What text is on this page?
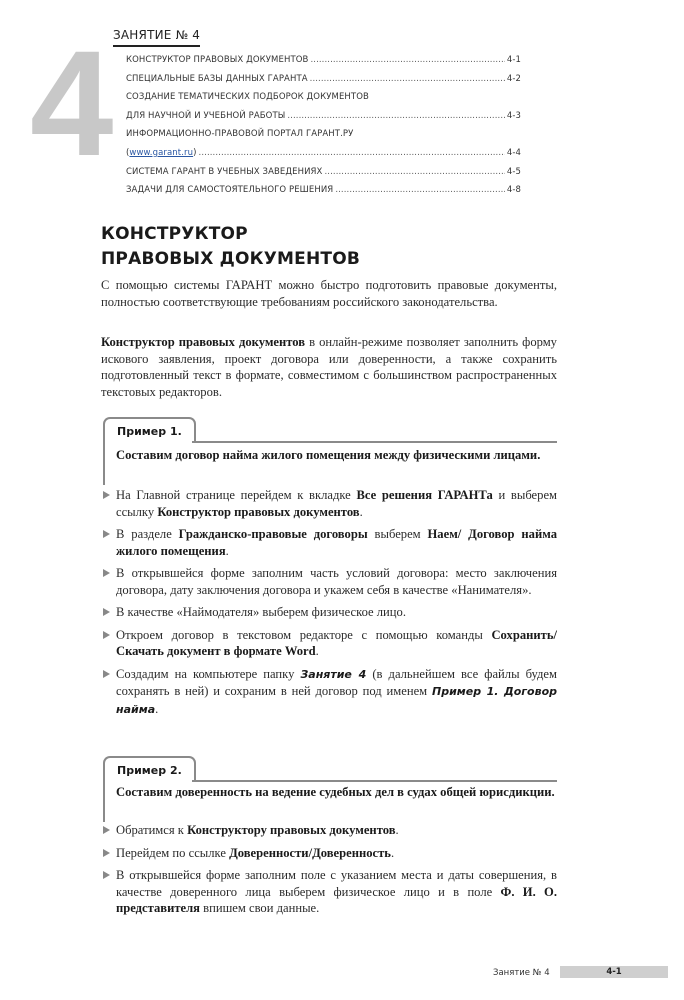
4 ЗАНЯТИЕ № 4
КОНСТРУКТОР ПРАВОВЫХ ДОКУМЕНТОВ .....	4-1
СПЕЦИАЛЬНЫЕ БАЗЫ ДАННЫХ ГАРАНТА .....	4-2
СОЗДАНИЕ ТЕМАТИЧЕСКИХ ПОДБОРОК ДОКУМЕНТОВ
ДЛЯ НАУЧНОЙ И УЧЕБНОЙ РАБОТЫ .....	4-3
ИНФОРМАЦИОННО-ПРАВОВОЙ ПОРТАЛ ГАРАНТ.РУ
(www.garant.ru) .....	4-4
СИСТЕМА ГАРАНТ В УЧЕБНЫХ ЗАВЕДЕНИЯХ .....	4-5
ЗАДАЧИ ДЛЯ САМОСТОЯТЕЛЬНОГО РЕШЕНИЯ .....	4-8
КОНСТРУКТОР
ПРАВОВЫХ ДОКУМЕНТОВ

С помощью системы ГАРАНТ можно быстро подготовить правовые документы, полностью соответствующие требованиям российского законодательства.

Конструктор правовых документов в онлайн-режиме позволяет заполнить форму искового заявления, проект договора или доверенности, а также сохранить подготовленный текст в формате, совместимом с большинством распространенных текстовых редакторов.

Пример 1.
Составим договор найма жилого помещения между физическими лицами.
На Главной странице перейдем к вкладке Все решения ГАРАНТа и выберем ссылку Конструктор правовых документов.
В разделе Гражданско-правовые договоры выберем Наем/ Договор найма жилого помещения.
В открывшейся форме заполним часть условий договора: место заключения договора, дату заключения договора и укажем себя в качестве «Нанимателя».
В качестве «Наймодателя» выберем физическое лицо.
Откроем договор в текстовом редакторе с помощью команды Сохранить/ Скачать документ в формате Word.
Создадим на компьютере папку Занятие 4 (в дальнейшем все файлы будем сохранять в ней) и сохраним в ней договор под именем Пример 1. Договор найма.
Пример 2.
Составим доверенность на ведение судебных дел в судах общей юрисдикции.
Обратимся к Конструктору правовых документов.
Перейдем по ссылке Доверенности/Доверенность.
В открывшейся форме заполним поле с указанием места и даты совершения, в качестве доверенного лица выберем физическое лицо и в поле Ф. И. О. представителя впишем свои данные.
Занятие № 4	4-1
